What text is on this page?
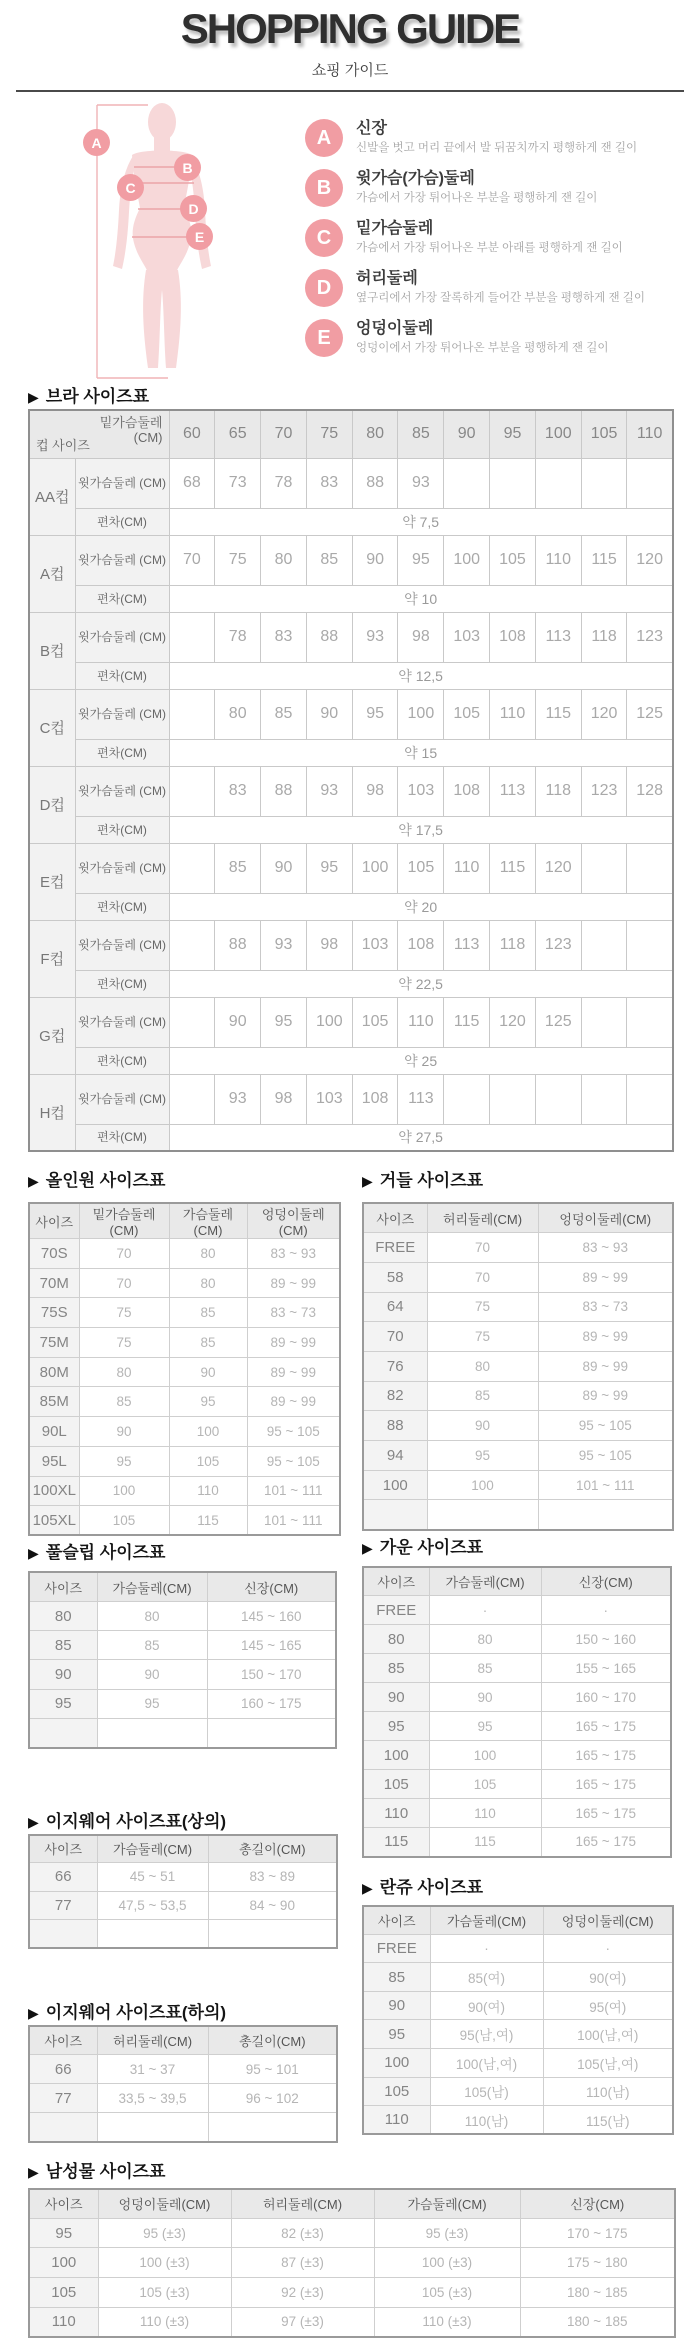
SHOPPING GUIDE
쇼핑 가이드
A
B
C
D
E
A	신장
신발을 벗고 머리 끝에서 발 뒤꿈치까지 평행하게 잰 길이
B	윗가슴(가슴)둘레
가슴에서 가장 튀어나온 부분을 평행하게 잰 길이
C	밑가슴둘레
가슴에서 가장 튀어나온 부분 아래를 평행하게 잰 길이
D	허리둘레
옆구리에서 가장 잘록하게 들어간 부분을 평행하게 잰 길이
E	엉덩이둘레
엉덩이에서 가장 튀어나온 부분을 평행하게 잰 길이
▶ 브라 사이즈표
밑가슴둘레
(CM)
컵 사이즈		60	65	70	75	80	85	90	95	100	105	110
AA컵	윗가슴둘레 (CM)	68	73	78	83	88	93					
	편차(CM)	약 7,5										
A컵	윗가슴둘레 (CM)	70	75	80	85	90	95	100	105	110	115	120
	편차(CM)	약 10										
B컵	윗가슴둘레 (CM)		78	83	88	93	98	103	108	113	118	123
	편차(CM)	약 12,5										
C컵	윗가슴둘레 (CM)		80	85	90	95	100	105	110	115	120	125
	편차(CM)	약 15										
D컵	윗가슴둘레 (CM)		83	88	93	98	103	108	113	118	123	128
	편차(CM)	약 17,5										
E컵	윗가슴둘레 (CM)		85	90	95	100	105	110	115	120		
	편차(CM)	약 20										
F컵	윗가슴둘레 (CM)		88	93	98	103	108	113	118	123		
	편차(CM)	약 22,5										
G컵	윗가슴둘레 (CM)		90	95	100	105	110	115	120	125		
	편차(CM)	약 25										
H컵	윗가슴둘레 (CM)		93	98	103	108	113					
	편차(CM)	약 27,5										
▶ 올인원 사이즈표
사이즈	밑가슴둘레(CM)	가슴둘레(CM)	엉덩이둘레(CM)
70S	70	80	83 ~ 93
70M	70	80	89 ~ 99
75S	75	85	83 ~ 73
75M	75	85	89 ~ 99
80M	80	90	89 ~ 99
85M	85	95	89 ~ 99
90L	90	100	95 ~ 105
95L	95	105	95 ~ 105
100XL	100	110	101 ~ 111
105XL	105	115	101 ~ 111
▶ 풀슬립 사이즈표
사이즈	가슴둘레(CM)	신장(CM)
80	80	145 ~ 160
85	85	145 ~ 165
90	90	150 ~ 170
95	95	160 ~ 175

▶ 이지웨어 사이즈표(상의)
사이즈	가슴둘레(CM)	총길이(CM)
66	45 ~ 51	83 ~ 89
77	47,5 ~ 53,5	84 ~ 90

▶ 이지웨어 사이즈표(하의)
사이즈	허리둘레(CM)	총길이(CM)
66	31 ~ 37	95 ~ 101
77	33,5 ~ 39,5	96 ~ 102

▶ 거들 사이즈표
사이즈	허리둘레(CM)	엉덩이둘레(CM)
FREE	70	83 ~ 93
58	70	89 ~ 99
64	75	83 ~ 73
70	75	89 ~ 99
76	80	89 ~ 99
82	85	89 ~ 99
88	90	95 ~ 105
94	95	95 ~ 105
100	100	101 ~ 111

▶ 가운 사이즈표
사이즈	가슴둘레(CM)	신장(CM)
FREE	·	·
80	80	150 ~ 160
85	85	155 ~ 165
90	90	160 ~ 170
95	95	165 ~ 175
100	100	165 ~ 175
105	105	165 ~ 175
110	110	165 ~ 175
115	115	165 ~ 175
▶ 란쥬 사이즈표
사이즈	가슴둘레(CM)	엉덩이둘레(CM)
FREE	·	·
85	85(여)	90(여)
90	90(여)	95(여)
95	95(남,여)	100(남,여)
100	100(남,여)	105(남,여)
105	105(남)	110(남)
110	110(남)	115(남)
▶ 남성물 사이즈표
사이즈	엉덩이둘레(CM)	허리둘레(CM)	가슴둘레(CM)	신장(CM)
95	95 (±3)	82 (±3)	95 (±3)	170 ~ 175
100	100 (±3)	87 (±3)	100 (±3)	175 ~ 180
105	105 (±3)	92 (±3)	105 (±3)	180 ~ 185
110	110 (±3)	97 (±3)	110 (±3)	180 ~ 185
